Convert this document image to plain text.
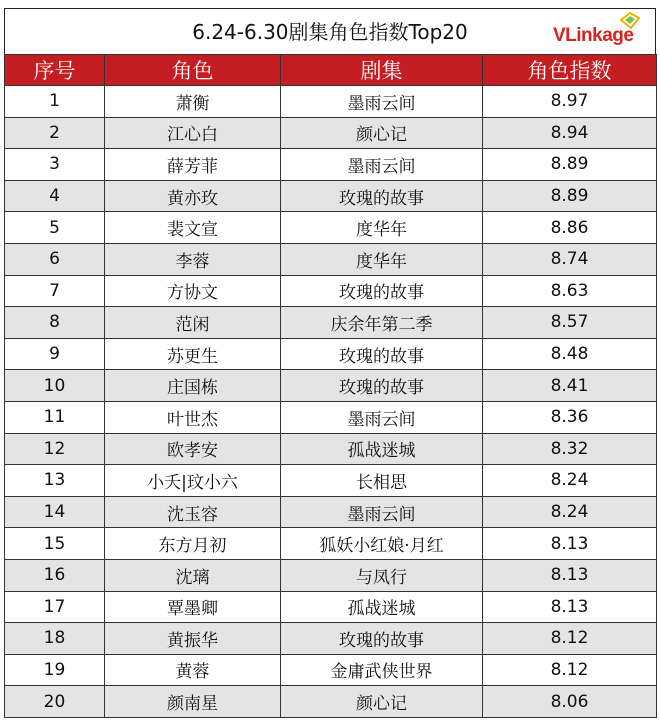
6.24-6.30剧集角色指数Top20	VLinkage
序号	角色	剧集	角色指数
1	萧衡	墨雨云间	8.97
2	江心白	颜心记	8.94
3	薛芳菲	墨雨云间	8.89
4	黄亦玫	玫瑰的故事	8.89
5	裴文宣	度华年	8.86
6	李蓉	度华年	8.74
7	方协文	玫瑰的故事	8.63
8	范闲	庆余年第二季	8.57
9	苏更生	玫瑰的故事	8.48
10	庄国栋	玫瑰的故事	8.41
11	叶世杰	墨雨云间	8.36
12	欧孝安	孤战迷城	8.32
13	小夭|玟小六	长相思	8.24
14	沈玉容	墨雨云间	8.24
15	东方月初	狐妖小红娘·月红	8.13
16	沈璃	与凤行	8.13
17	覃墨卿	孤战迷城	8.13
18	黄振华	玫瑰的故事	8.12
19	黄蓉	金庸武侠世界	8.12
20	颜南星	颜心记	8.06
